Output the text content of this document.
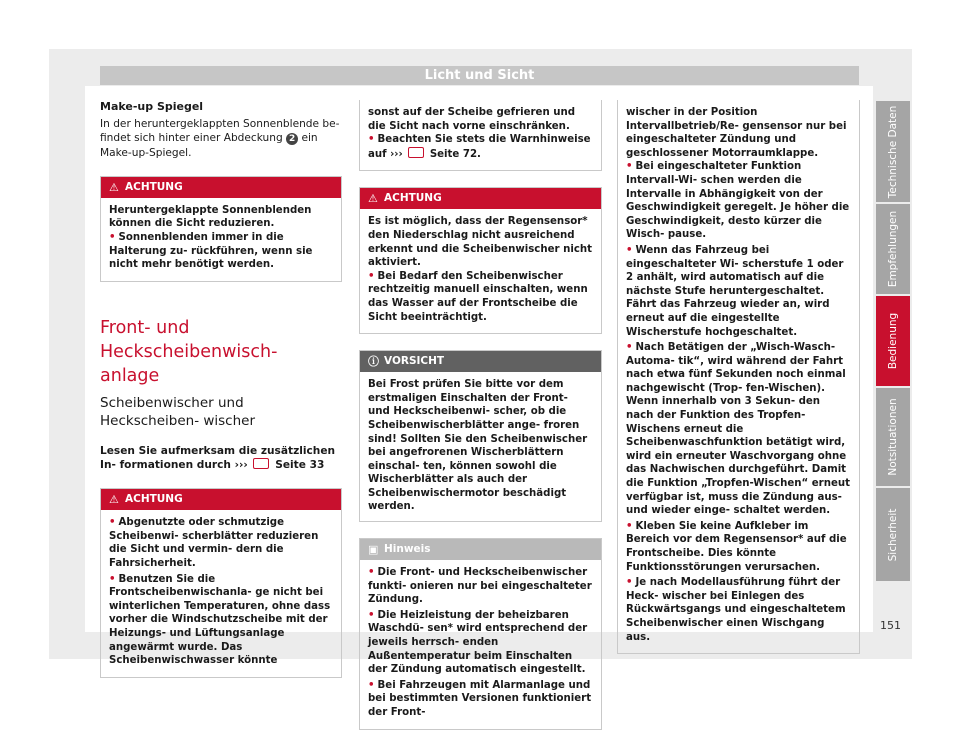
Licht und Sicht
Make-up Spiegel

In der heruntergeklappten Sonnenblende be- findet sich hinter einer Abdeckung 2 ein Make-up-Spiegel.

⚠ ACHTUNG
Heruntergeklappte Sonnenblenden können die Sicht reduzieren.
• Sonnenblenden immer in die Halterung zu- rückführen, wenn sie nicht mehr benötigt werden.
Front- und Heckscheibenwisch- anlage
Scheibenwischer und Heckscheiben- wischer

Lesen Sie aufmerksam die zusätzlichen In- formationen durch ›››	Seite 33

⚠ ACHTUNG
• Abgenutzte oder schmutzige Scheibenwi- scherblätter reduzieren die Sicht und vermin- dern die Fahrsicherheit.
• Benutzen Sie die Frontscheibenwischanla- ge nicht bei winterlichen Temperaturen, ohne dass vorher die Windschutzscheibe mit der Heizungs- und Lüftungsanlage angewärmt wurde. Das Scheibenwischwasser könnte
sonst auf der Scheibe gefrieren und die Sicht nach vorne einschränken.
• Beachten Sie stets die Warnhinweise auf ›››	Seite 72.
⚠ ACHTUNG
Es ist möglich, dass der Regensensor* den Niederschlag nicht ausreichend erkennt und die Scheibenwischer nicht aktiviert.
• Bei Bedarf den Scheibenwischer rechtzeitig manuell einschalten, wenn das Wasser auf der Frontscheibe die Sicht beeinträchtigt.
ⓘ VORSICHT
Bei Frost prüfen Sie bitte vor dem erstmaligen Einschalten der Front- und Heckscheibenwi- scher, ob die Scheibenwischerblätter ange- froren sind! Sollten Sie den Scheibenwischer bei angefrorenen Wischerblättern einschal- ten, können sowohl die Wischerblätter als auch der Scheibenwischermotor beschädigt werden.
▣ Hinweis
• Die Front- und Heckscheibenwischer funkti- onieren nur bei eingeschalteter Zündung.
• Die Heizleistung der beheizbaren Waschdü- sen* wird entsprechend der jeweils herrsch- enden Außentemperatur beim Einschalten der Zündung automatisch eingestellt.
• Bei Fahrzeugen mit Alarmanlage und bei bestimmten Versionen funktioniert der Front-
wischer in der Position Intervallbetrieb/Re- gensensor nur bei eingeschalteter Zündung und geschlossener Motorraumklappe.
• Bei eingeschalteter Funktion Intervall-Wi- schen werden die Intervalle in Abhängigkeit von der Geschwindigkeit geregelt. Je höher die Geschwindigkeit, desto kürzer die Wisch- pause.
• Wenn das Fahrzeug bei eingeschalteter Wi- scherstufe 1 oder 2 anhält, wird automatisch auf die nächste Stufe heruntergeschaltet. Fährt das Fahrzeug wieder an, wird erneut auf die eingestellte Wischerstufe hochgeschaltet.
• Nach Betätigen der „Wisch-Wasch-Automa- tik“, wird während der Fahrt nach etwa fünf Sekunden noch einmal nachgewischt (Trop- fen-Wischen). Wenn innerhalb von 3 Sekun- den nach der Funktion des Tropfen-Wischens erneut die Scheibenwaschfunktion betätigt wird, wird ein erneuter Waschvorgang ohne das Nachwischen durchgeführt. Damit die Funktion „Tropfen-Wischen“ erneut verfügbar ist, muss die Zündung aus- und wieder einge- schaltet werden.
• Kleben Sie keine Aufkleber im Bereich vor dem Regensensor* auf die Frontscheibe. Dies könnte Funktionsstörungen verursachen.
• Je nach Modellausführung führt der Heck- wischer bei Einlegen des Rückwärtsgangs und eingeschaltetem Scheibenwischer einen Wischgang aus.
Technische Daten
Empfehlungen
Bedienung
Notsituationen
Sicherheit
151
